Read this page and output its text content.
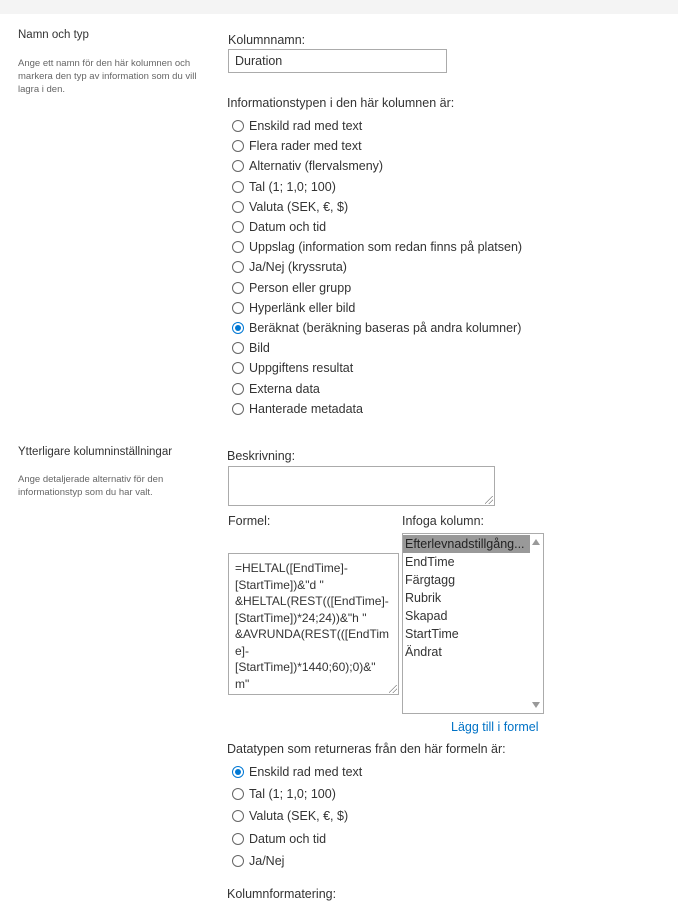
Namn och typ
Ange ett namn för den här kolumnen och markera den typ av information som du vill lagra i den.
Kolumnnamn:
Duration
Informationstypen i den här kolumnen är:
Enskild rad med text
Flera rader med text
Alternativ (flervalsmeny)
Tal (1; 1,0; 100)
Valuta (SEK, €, $)
Datum och tid
Uppslag (information som redan finns på platsen)
Ja/Nej (kryssruta)
Person eller grupp
Hyperlänk eller bild
Beräknat (beräkning baseras på andra kolumner)
Bild
Uppgiftens resultat
Externa data
Hanterade metadata
Ytterligare kolumninställningar
Ange detaljerade alternativ för den informationstyp som du har valt.
Beskrivning:
Formel:
=HELTAL([EndTime]-
[StartTime])&"d "
&HELTAL(REST(([EndTime]-
[StartTime])*24;24))&"h "
&AVRUNDA(REST(([EndTim
e]-
[StartTime])*1440;60);0)&"
m"
Infoga kolumn:
Efterlevnadstillgång...
EndTime
Färgtagg
Rubrik
Skapad
StartTime
Ändrat
Lägg till i formel
Datatypen som returneras från den här formeln är:
Enskild rad med text
Tal (1; 1,0; 100)
Valuta (SEK, €, $)
Datum och tid
Ja/Nej
Kolumnformatering:
